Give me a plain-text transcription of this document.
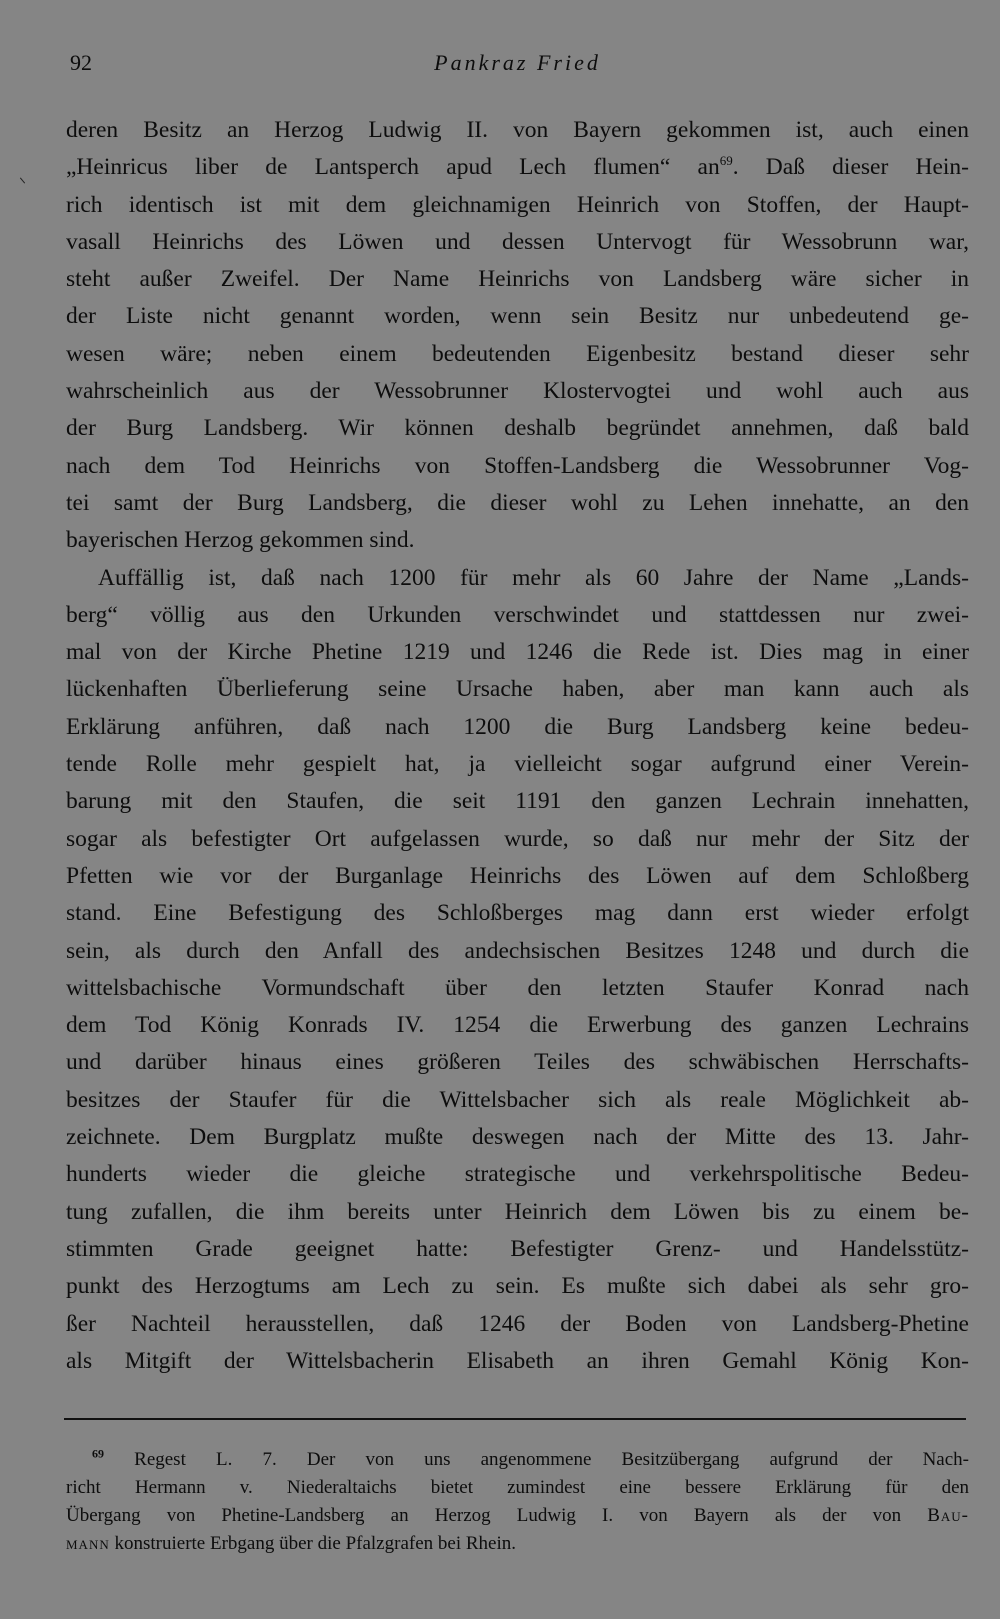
92	Pankraz Fried
deren Besitz an Herzog Ludwig II. von Bayern gekommen ist, auch einen
„Heinricus liber de Lantsperch apud Lech flumen“ $an^{69}$. Daß dieser Hein-
rich identisch ist mit dem gleichnamigen Heinrich von Stoffen, der Haupt-
vasall Heinrichs des Löwen und dessen Untervogt für Wessobrunn war,
steht außer Zweifel. Der Name Heinrichs von Landsberg wäre sicher in
der Liste nicht genannt worden, wenn sein Besitz nur unbedeutend ge-
wesen wäre; neben einem bedeutenden Eigenbesitz bestand dieser sehr
wahrscheinlich aus der Wessobrunner Klostervogtei und wohl auch aus
der Burg Landsberg. Wir können deshalb begründet annehmen, daß bald
nach dem Tod Heinrichs von Stoffen-Landsberg die Wessobrunner Vog-
tei samt der Burg Landsberg, die dieser wohl zu Lehen innehatte, an den
bayerischen Herzog gekommen sind.
Auffällig ist, daß nach 1200 für mehr als 60 Jahre der Name „Lands-
berg“ völlig aus den Urkunden verschwindet und stattdessen nur zwei-
mal von der Kirche Phetine 1219 und 1246 die Rede ist. Dies mag in einer
lückenhaften Überlieferung seine Ursache haben, aber man kann auch als
Erklärung anführen, daß nach 1200 die Burg Landsberg keine bedeu-
tende Rolle mehr gespielt hat, ja vielleicht sogar aufgrund einer Verein-
barung mit den Staufen, die seit 1191 den ganzen Lechrain innehatten,
sogar als befestigter Ort aufgelassen wurde, so daß nur mehr der Sitz der
Pfetten wie vor der Burganlage Heinrichs des Löwen auf dem Schloßberg
stand. Eine Befestigung des Schloßberges mag dann erst wieder erfolgt
sein, als durch den Anfall des andechsischen Besitzes 1248 und durch die
wittelsbachische Vormundschaft über den letzten Staufer Konrad nach
dem Tod König Konrads IV. 1254 die Erwerbung des ganzen Lechrains
und darüber hinaus eines größeren Teiles des schwäbischen Herrschafts-
besitzes der Staufer für die Wittelsbacher sich als reale Möglichkeit ab-
zeichnete. Dem Burgplatz mußte deswegen nach der Mitte des 13. Jahr-
hunderts wieder die gleiche strategische und verkehrspolitische Bedeu-
tung zufallen, die ihm bereits unter Heinrich dem Löwen bis zu einem be-
stimmten Grade geeignet hatte: Befestigter Grenz- und Handelsstütz-
punkt des Herzogtums am Lech zu sein. Es mußte sich dabei als sehr gro-
ßer Nachteil herausstellen, daß 1246 der Boden von Landsberg-Phetine
als Mitgift der Wittelsbacherin Elisabeth an ihren Gemahl König Kon-
$^{69}$ Regest L. 7. Der von uns angenommene Besitzübergang aufgrund der Nach-
richt Hermann v. Niederaltaichs bietet zumindest eine bessere Erklärung für den
Übergang von Phetine-Landsberg an Herzog Ludwig I. von Bayern als der von Bau-
mann konstruierte Erbgang über die Pfalzgrafen bei Rhein.
